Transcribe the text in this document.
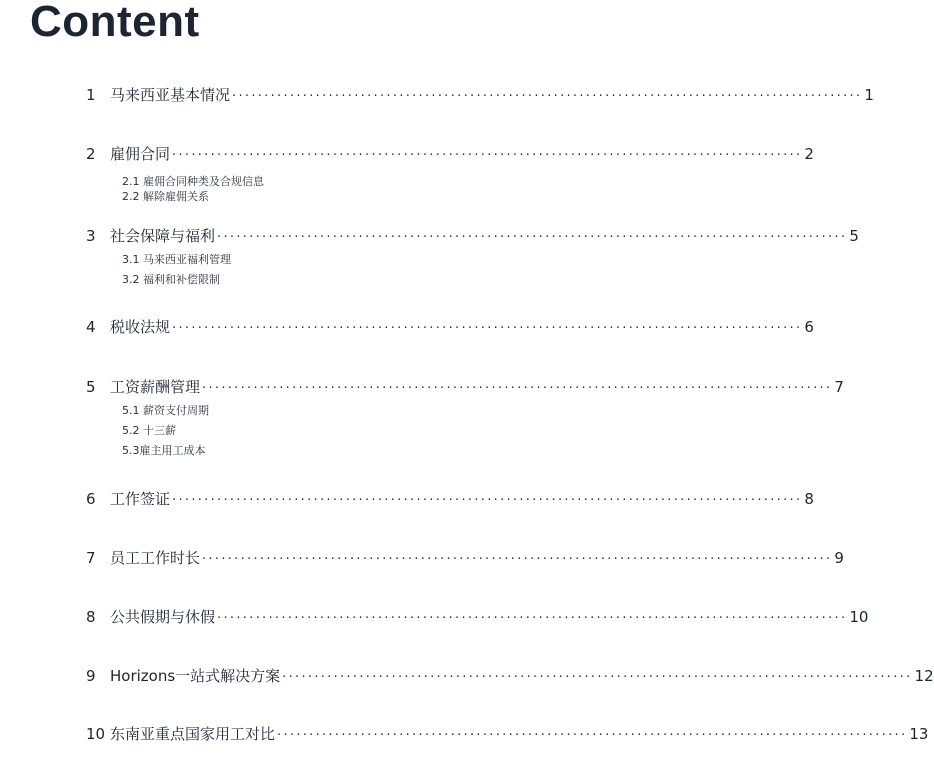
Content
1 马来西亚基本情况 ·································································································· 1
2 雇佣合同 ·································································································· 2
2.1 雇佣合同种类及合规信息
2.2 解除雇佣关系
3 社会保障与福利 ·································································································· 5
3.1 马来西亚福利管理
3.2 福利和补偿限制
4 税收法规 ·································································································· 6
5 工资薪酬管理 ·································································································· 7
5.1 薪资支付周期
5.2 十三薪
5.3雇主用工成本
6 工作签证 ·································································································· 8
7 员工工作时长 ·································································································· 9
8 公共假期与休假 ·································································································· 10
9 Horizons一站式解决方案 ·································································································· 12
10 东南亚重点国家用工对比 ·································································································· 13
